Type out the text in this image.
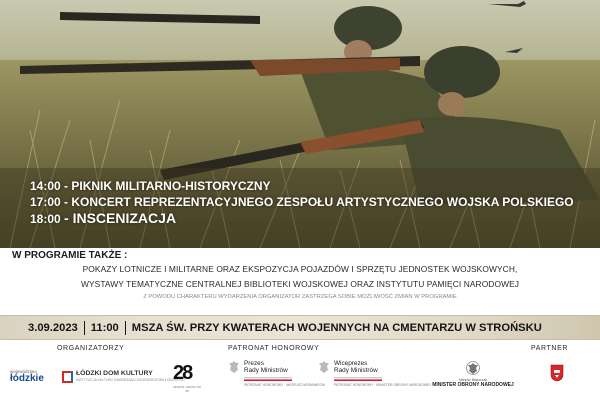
14:00 - PIKNIK MILITARNO-HISTORYCZNY
17:00 - KONCERT REPREZENTACYJNEGO ZESPOŁU ARTYSTYCZNEGO WOJSKA POLSKIEGO
18:00 - INSCENIZACJA
W PROGRAMIE TAKŻE :
POKAZY LOTNICZE I MILITARNE ORAZ EKSPOZYCJA POJAZDÓW I SPRZĘTU JEDNOSTEK WOJSKOWYCH,
WYSTAWY TEMATYCZNE CENTRALNEJ BIBLIOTEKI WOJSKOWEJ ORAZ INSTYTUTU PAMIĘCI NARODOWEJ
Z POWODU CHARAKTERU WYDARZENIA ORGANIZATOR ZASTRZEGA SOBIE MOŻLIWOŚĆ ZMIAN W PROGRAMIE
3.09.2023 11:00 MSZA ŚW. PRZY KWATERACH WOJENNYCH NA CMENTARZU W STROŃSKU
ORGANIZATORZY	PATRONAT HONOROWY	PARTNER
województwo
łódzkie	ŁÓDZKI DOM KULTURY
INSTYTUCJA KULTURY SAMORZĄDU WOJEWÓDZTWA ŁÓDZKIEGO
28
ZESPÓŁ SZKÓŁ NR 28
Prezes
Rady Ministrów
PATRONAT HONOROWY · MATEUSZ MORAWIECKI
Wiceprezes
Rady Ministrów
PATRONAT HONOROWY · MINISTER OBRONY NARODOWEJ
Mariusz Błaszczak
MINISTER OBRONY NARODOWEJ
